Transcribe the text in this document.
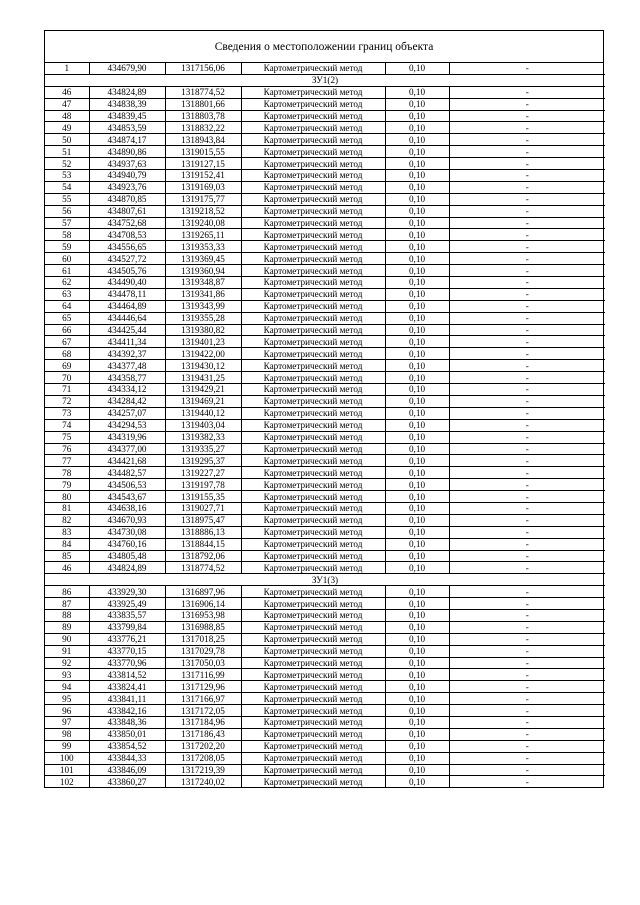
Сведения о местоположении границ объекта
1	434679,90	1317156,06	Картометрический метод	0,10	-
ЗУ1(2)					
46	434824,89	1318774,52	Картометрический метод	0,10	-
47	434838,39	1318801,66	Картометрический метод	0,10	-
48	434839,45	1318803,78	Картометрический метод	0,10	-
49	434853,59	1318832,22	Картометрический метод	0,10	-
50	434874,17	1318943,84	Картометрический метод	0,10	-
51	434890,86	1319015,55	Картометрический метод	0,10	-
52	434937,63	1319127,15	Картометрический метод	0,10	-
53	434940,79	1319152,41	Картометрический метод	0,10	-
54	434923,76	1319169,03	Картометрический метод	0,10	-
55	434870,85	1319175,77	Картометрический метод	0,10	-
56	434807,61	1319218,52	Картометрический метод	0,10	-
57	434752,68	1319240,08	Картометрический метод	0,10	-
58	434708,53	1319265,11	Картометрический метод	0,10	-
59	434556,65	1319353,33	Картометрический метод	0,10	-
60	434527,72	1319369,45	Картометрический метод	0,10	-
61	434505,76	1319360,94	Картометрический метод	0,10	-
62	434490,40	1319348,87	Картометрический метод	0,10	-
63	434478,11	1319341,86	Картометрический метод	0,10	-
64	434464,89	1319343,99	Картометрический метод	0,10	-
65	434446,64	1319355,28	Картометрический метод	0,10	-
66	434425,44	1319380,82	Картометрический метод	0,10	-
67	434411,34	1319401,23	Картометрический метод	0,10	-
68	434392,37	1319422,00	Картометрический метод	0,10	-
69	434377,48	1319430,12	Картометрический метод	0,10	-
70	434358,77	1319431,25	Картометрический метод	0,10	-
71	434334,12	1319429,21	Картометрический метод	0,10	-
72	434284,42	1319469,21	Картометрический метод	0,10	-
73	434257,07	1319440,12	Картометрический метод	0,10	-
74	434294,53	1319403,04	Картометрический метод	0,10	-
75	434319,96	1319382,33	Картометрический метод	0,10	-
76	434377,00	1319335,27	Картометрический метод	0,10	-
77	434421,68	1319295,37	Картометрический метод	0,10	-
78	434482,57	1319227,27	Картометрический метод	0,10	-
79	434506,53	1319197,78	Картометрический метод	0,10	-
80	434543,67	1319155,35	Картометрический метод	0,10	-
81	434638,16	1319027,71	Картометрический метод	0,10	-
82	434670,93	1318975,47	Картометрический метод	0,10	-
83	434730,08	1318886,13	Картометрический метод	0,10	-
84	434760,16	1318844,15	Картометрический метод	0,10	-
85	434805,48	1318792,06	Картометрический метод	0,10	-
46	434824,89	1318774,52	Картометрический метод	0,10	-
ЗУ1(3)					
86	433929,30	1316897,96	Картометрический метод	0,10	-
87	433925,49	1316906,14	Картометрический метод	0,10	-
88	433835,57	1316953,98	Картометрический метод	0,10	-
89	433799,84	1316988,85	Картометрический метод	0,10	-
90	433776,21	1317018,25	Картометрический метод	0,10	-
91	433770,15	1317029,78	Картометрический метод	0,10	-
92	433770,96	1317050,03	Картометрический метод	0,10	-
93	433814,52	1317116,99	Картометрический метод	0,10	-
94	433824,41	1317129,96	Картометрический метод	0,10	-
95	433841,11	1317166,97	Картометрический метод	0,10	-
96	433842,16	1317172,05	Картометрический метод	0,10	-
97	433848,36	1317184,96	Картометрический метод	0,10	-
98	433850,01	1317186,43	Картометрический метод	0,10	-
99	433854,52	1317202,20	Картометрический метод	0,10	-
100	433844,33	1317208,05	Картометрический метод	0,10	-
101	433846,09	1317219,39	Картометрический метод	0,10	-
102	433860,27	1317240,02	Картометрический метод	0,10	-
